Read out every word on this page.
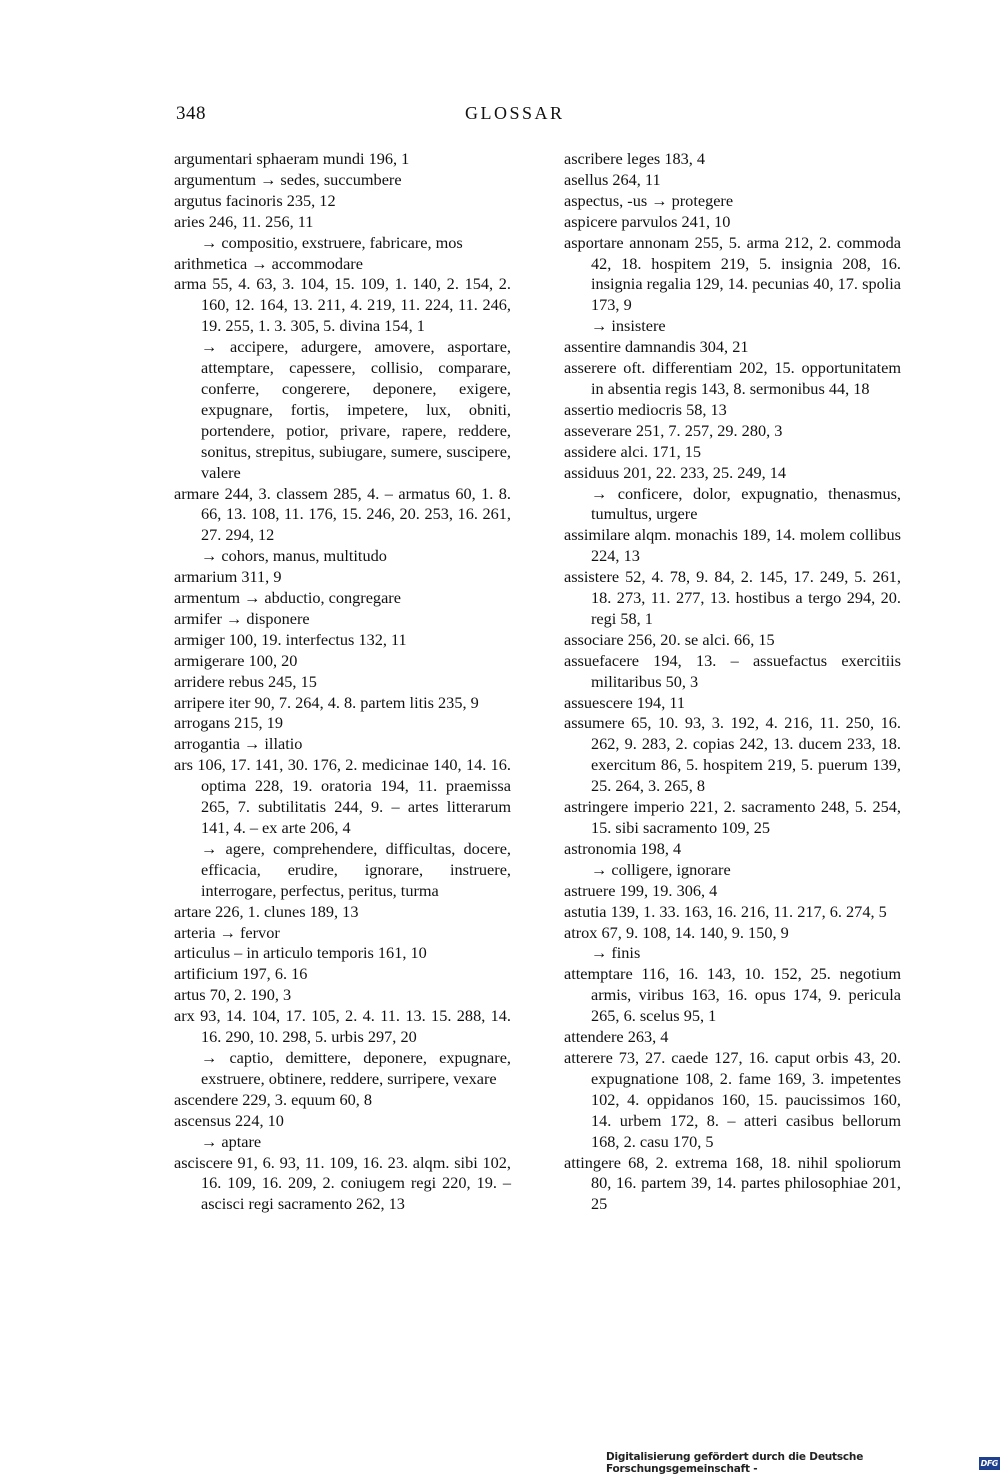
348	GLOSSAR
argumentari sphaeram mundi 196, 1
argumentum → sedes, succumbere
argutus facinoris 235, 12
aries 246, 11. 256, 11
→ compositio, exstruere, fabricare, mos
arithmetica → accommodare
arma 55, 4. 63, 3. 104, 15. 109, 1. 140, 2. 154, 2. 160, 12. 164, 13. 211, 4. 219, 11. 224, 11. 246, 19. 255, 1. 3. 305, 5. divina 154, 1
→ accipere, adurgere, amovere, asportare, attemptare, capessere, collisio, comparare, conferre, congerere, deponere, exigere, expugnare, fortis, impetere, lux, obniti, portendere, potior, privare, rapere, reddere, sonitus, strepitus, subiugare, sumere, suscipere, valere
armare 244, 3. classem 285, 4. – armatus 60, 1. 8. 66, 13. 108, 11. 176, 15. 246, 20. 253, 16. 261, 27. 294, 12
→ cohors, manus, multitudo
armarium 311, 9
armentum → abductio, congregare
armifer → disponere
armiger 100, 19. interfectus 132, 11
armigerare 100, 20
arridere rebus 245, 15
arripere iter 90, 7. 264, 4. 8. partem litis 235, 9
arrogans 215, 19
arrogantia → illatio
ars 106, 17. 141, 30. 176, 2. medicinae 140, 14. 16. optima 228, 19. oratoria 194, 11. praemissa 265, 7. subtilitatis 244, 9. – artes litterarum 141, 4. – ex arte 206, 4
→ agere, comprehendere, difficultas, docere, efficacia, erudire, ignorare, instruere, interrogare, perfectus, peritus, turma
artare 226, 1. clunes 189, 13
arteria → fervor
articulus – in articulo temporis 161, 10
artificium 197, 6. 16
artus 70, 2. 190, 3
arx 93, 14. 104, 17. 105, 2. 4. 11. 13. 15. 288, 14. 16. 290, 10. 298, 5. urbis 297, 20
→ captio, demittere, deponere, expugnare, exstruere, obtinere, reddere, surripere, vexare
ascendere 229, 3. equum 60, 8
ascensus 224, 10
→ aptare
asciscere 91, 6. 93, 11. 109, 16. 23. alqm. sibi 102, 16. 109, 16. 209, 2. coniugem regi 220, 19. – ascisci regi sacramento 262, 13
ascribere leges 183, 4
asellus 264, 11
aspectus, -us → protegere
aspicere parvulos 241, 10
asportare annonam 255, 5. arma 212, 2. commoda 42, 18. hospitem 219, 5. insignia 208, 16. insignia regalia 129, 14. pecunias 40, 17. spolia 173, 9
→ insistere
assentire damnandis 304, 21
asserere oft. differentiam 202, 15. opportunitatem in absentia regis 143, 8. sermonibus 44, 18
assertio mediocris 58, 13
asseverare 251, 7. 257, 29. 280, 3
assidere alci. 171, 15
assiduus 201, 22. 233, 25. 249, 14
→ conficere, dolor, expugnatio, thenasmus, tumultus, urgere
assimilare alqm. monachis 189, 14. molem collibus 224, 13
assistere 52, 4. 78, 9. 84, 2. 145, 17. 249, 5. 261, 18. 273, 11. 277, 13. hostibus a tergo 294, 20. regi 58, 1
associare 256, 20. se alci. 66, 15
assuefacere 194, 13. – assuefactus exercitiis militaribus 50, 3
assuescere 194, 11
assumere 65, 10. 93, 3. 192, 4. 216, 11. 250, 16. 262, 9. 283, 2. copias 242, 13. ducem 233, 18. exercitum 86, 5. hospitem 219, 5. puerum 139, 25. 264, 3. 265, 8
astringere imperio 221, 2. sacramento 248, 5. 254, 15. sibi sacramento 109, 25
astronomia 198, 4
→ colligere, ignorare
astruere 199, 19. 306, 4
astutia 139, 1. 33. 163, 16. 216, 11. 217, 6. 274, 5
atrox 67, 9. 108, 14. 140, 9. 150, 9
→ finis
attemptare 116, 16. 143, 10. 152, 25. negotium armis, viribus 163, 16. opus 174, 9. pericula 265, 6. scelus 95, 1
attendere 263, 4
atterere 73, 27. caede 127, 16. caput orbis 43, 20. expugnatione 108, 2. fame 169, 3. impetentes 102, 4. oppidanos 160, 15. paucissimos 160, 14. urbem 172, 8. – atteri casibus bellorum 168, 2. casu 170, 5
attingere 68, 2. extrema 168, 18. nihil spoliorum 80, 16. partem 39, 14. partes philosophiae 201, 25
Digitalisierung gefördert durch die Deutsche Forschungsgemeinschaft -	DFG
